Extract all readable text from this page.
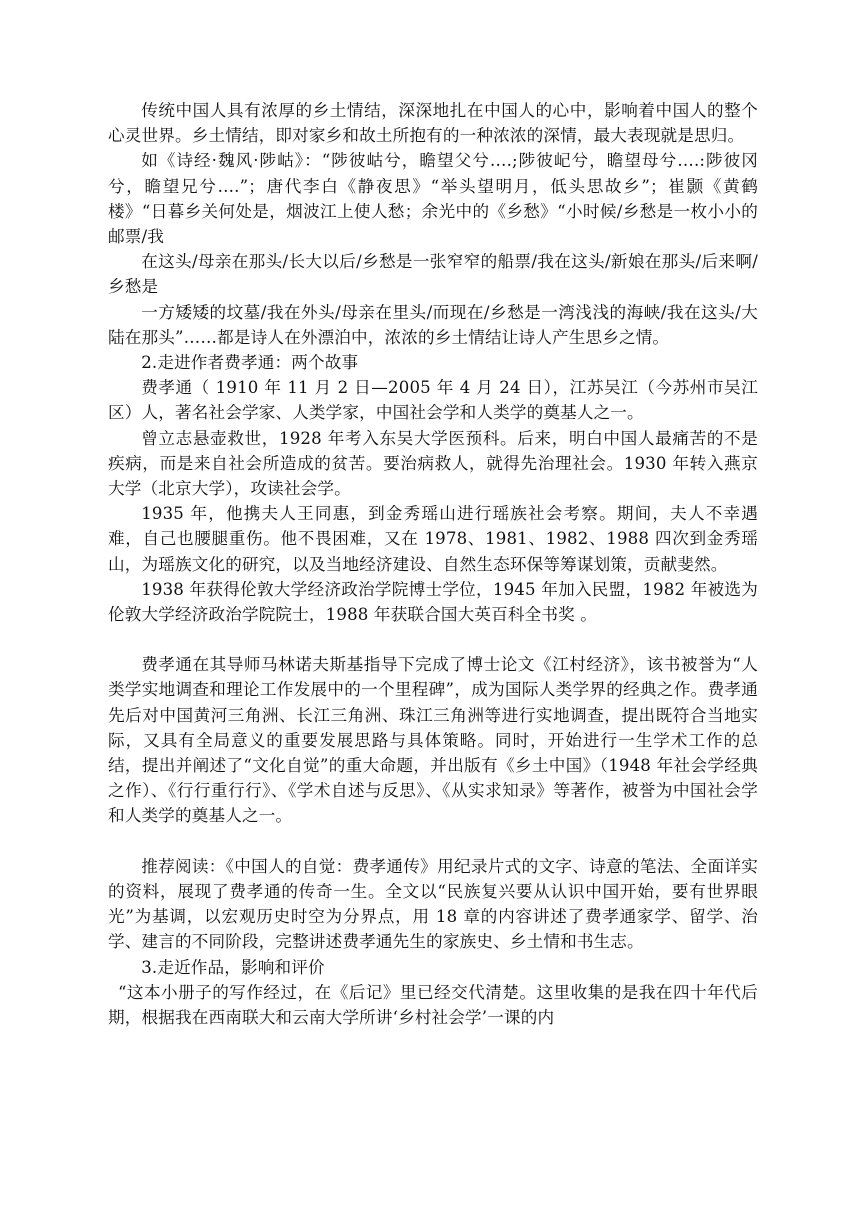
传统中国人具有浓厚的乡土情结，深深地扎在中国人的心中，影响着中国人的整个心灵世界。乡土情结，即对家乡和故土所抱有的一种浓浓的深情，最大表现就是思归。

如《诗经·魏风·陟岵》：“陟彼岵兮，瞻望父兮….;陟彼屺兮，瞻望母兮….:陟彼冈兮，瞻望兄兮….”；唐代李白《静夜思》“举头望明月，低头思故乡”；崔颢《黄鹤楼》“日暮乡关何处是，烟波江上使人愁；余光中的《乡愁》“小时候/乡愁是一枚小小的邮票/我

在这头/母亲在那头/长大以后/乡愁是一张窄窄的船票/我在这头/新娘在那头/后来啊/乡愁是

一方矮矮的坟墓/我在外头/母亲在里头/而现在/乡愁是一湾浅浅的海峡/我在这头/大陆在那头”……都是诗人在外漂泊中，浓浓的乡土情结让诗人产生思乡之情。

2.走进作者费孝通：两个故事

费孝通（ 1910 年 11 月 2 日—2005 年 4 月 24 日），江苏吴江（今苏州市吴江区）人，著名社会学家、人类学家，中国社会学和人类学的奠基人之一。

曾立志悬壶救世，1928 年考入东吴大学医预科。后来，明白中国人最痛苦的不是疾病，而是来自社会所造成的贫苦。要治病救人，就得先治理社会。1930 年转入燕京大学（北京大学），攻读社会学。

1935 年，他携夫人王同惠，到金秀瑶山进行瑶族社会考察。期间，夫人不幸遇难，自己也腰腿重伤。他不畏困难，又在 1978、1981、1982、1988 四次到金秀瑶山，为瑶族文化的研究，以及当地经济建设、自然生态环保等筹谋划策，贡献斐然。

1938 年获得伦敦大学经济政治学院博士学位，1945 年加入民盟，1982 年被选为伦敦大学经济政治学院院士，1988 年获联合国大英百科全书奖 。

费孝通在其导师马林诺夫斯基指导下完成了博士论文《江村经济》，该书被誉为“人类学实地调查和理论工作发展中的一个里程碑”，成为国际人类学界的经典之作。费孝通先后对中国黄河三角洲、长江三角洲、珠江三角洲等进行实地调查，提出既符合当地实际，又具有全局意义的重要发展思路与具体策略。同时，开始进行一生学术工作的总结，提出并阐述了“文化自觉”的重大命题，并出版有《乡土中国》（1948 年社会学经典之作）、《行行重行行》、《学术自述与反思》、《从实求知录》等著作，被誉为中国社会学和人类学的奠基人之一。

推荐阅读：《中国人的自觉：费孝通传》用纪录片式的文字、诗意的笔法、全面详实的资料，展现了费孝通的传奇一生。全文以“民族复兴要从认识中国开始，要有世界眼光”为基调，以宏观历史时空为分界点，用 18 章的内容讲述了费孝通家学、留学、治学、建言的不同阶段，完整讲述费孝通先生的家族史、乡土情和书生志。

3.走近作品，影响和评价

“这本小册子的写作经过，在《后记》里已经交代清楚。这里收集的是我在四十年代后期，根据我在西南联大和云南大学所讲‘乡村社会学’一课的内
